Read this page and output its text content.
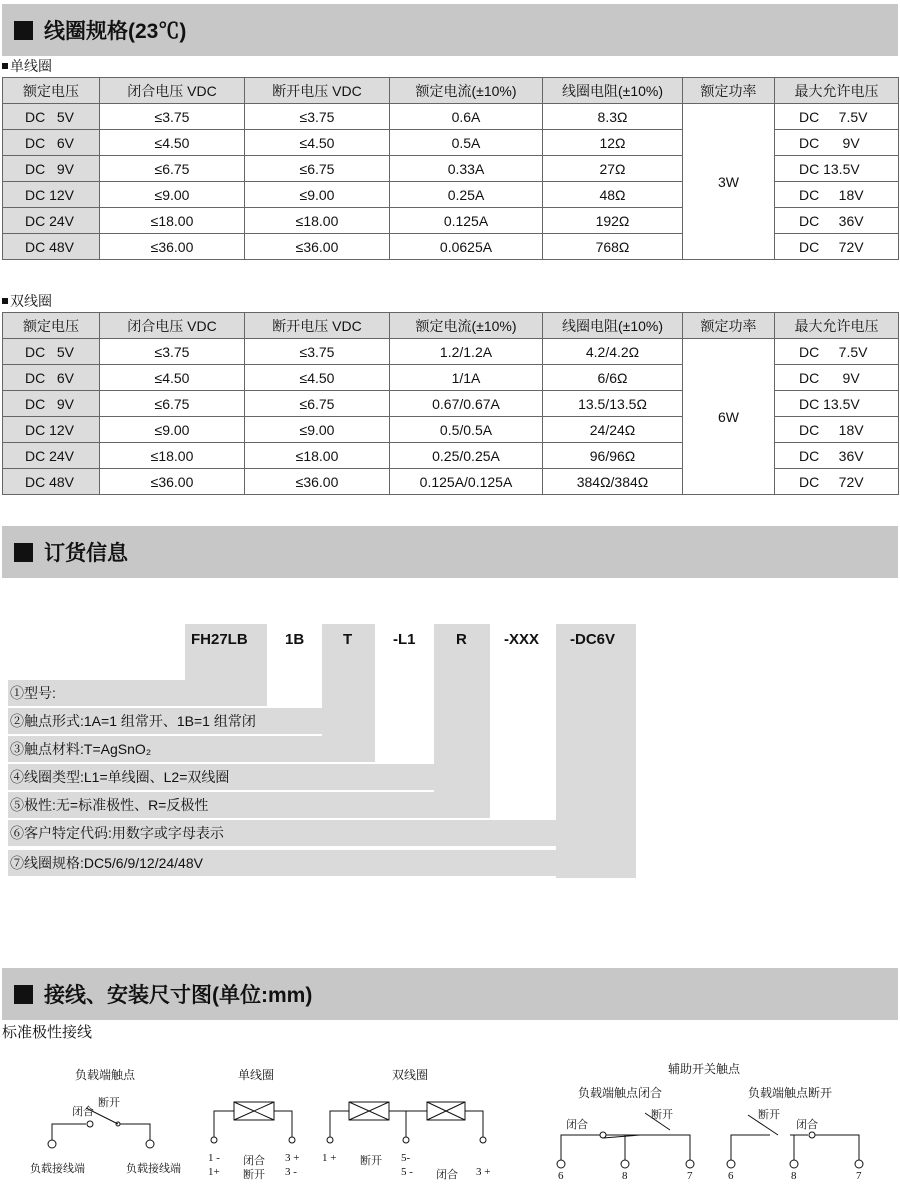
线圈规格(23℃)
单线圈
额定电压	闭合电压 VDC	断开电压 VDC	额定电流(±10%)	线圈电阻(±10%)	额定功率	最大允许电压
DC   5V	≤3.75	≤3.75	0.6A	8.3Ω	3W	DC     7.5V
DC   6V	≤4.50	≤4.50	0.5A	12Ω		DC      9V
DC   9V	≤6.75	≤6.75	0.33A	27Ω		DC 13.5V
DC 12V	≤9.00	≤9.00	0.25A	48Ω		DC     18V
DC 24V	≤18.00	≤18.00	0.125A	192Ω		DC     36V
DC 48V	≤36.00	≤36.00	0.0625A	768Ω		DC     72V
双线圈
额定电压	闭合电压 VDC	断开电压 VDC	额定电流(±10%)	线圈电阻(±10%)	额定功率	最大允许电压
DC   5V	≤3.75	≤3.75	1.2/1.2A	4.2/4.2Ω	6W	DC     7.5V
DC   6V	≤4.50	≤4.50	1/1A	6/6Ω		DC      9V
DC   9V	≤6.75	≤6.75	0.67/0.67A	13.5/13.5Ω		DC 13.5V
DC 12V	≤9.00	≤9.00	0.5/0.5A	24/24Ω		DC     18V
DC 24V	≤18.00	≤18.00	0.25/0.25A	96/96Ω		DC     36V
DC 48V	≤36.00	≤36.00	0.125A/0.125A	384Ω/384Ω		DC     72V
订货信息
FH27LB 1B	T	-L1	R -XXX -DC6V
①型号:
②触点形式:1A=1 组常开、1B=1 组常闭
③触点材料:T=AgSnO₂
④线圈类型:L1=单线圈、L2=双线圈
⑤极性:无=标准极性、R=反极性
⑥客户特定代码:用数字或字母表示
⑦线圈规格:DC5/6/9/12/24/48V
接线、安装尺寸图(单位:mm)
标准极性接线
负载端触点
闭合
断开
负载接线端	负载接线端
单线圈
1 -
1+
闭合
断开
3 +
3 -
双线圈
1 + 断开 5-
5 - 闭合 3 +
辅助开关触点
负载端触点闭合	负载端触点断开
闭合
断开	断开
闭合
6	8	7	6	8	7
